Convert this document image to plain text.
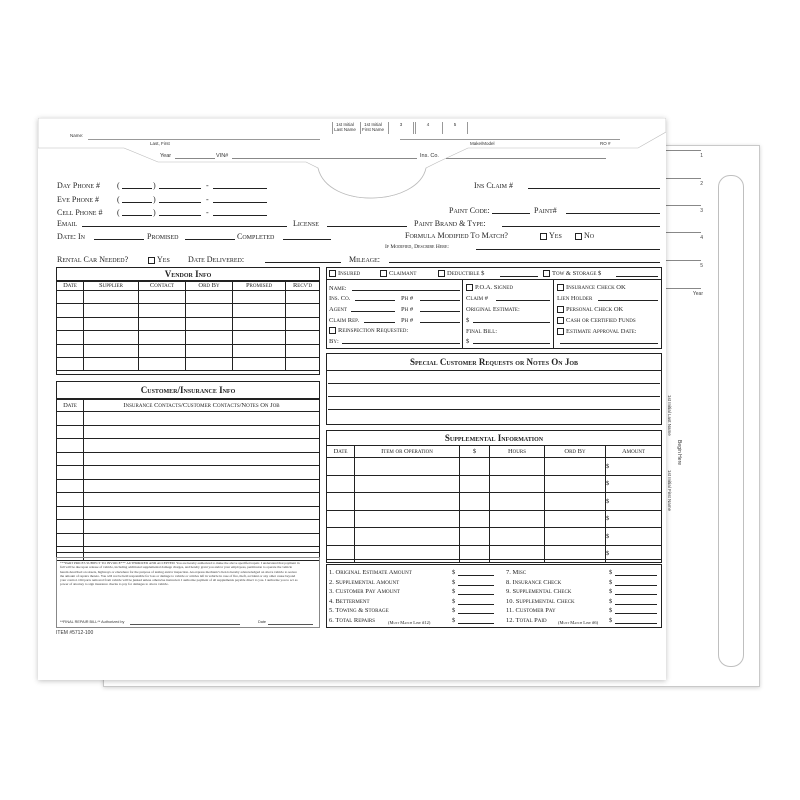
1
2
3
4
5
Year
1st Initial Last Name
Begin Here
1st Initial First Name
Name:
Last, First
1st Initial
Last Name
1st Initial
First Name
3	4	5
Make/Model	RO #
Year	VIN#	Ins. Co.
Day Phone #
Eve Phone #
Cell Phone #
(	)	-
(	)	-
(	)	-
Ins Claim #
Paint Code:	Paint#
Email	License	Paint Brand & Type:
Date: In	Promised	Completed	Formula Modified To Match?	Yes	No
If Modified, Describe Here:
Rental Car Needed?	Yes Date Delivered:	Mileage:
Vendor Info
Date	Supplier	Contact	Ord By	Promised	Recv'd

Insured	Claimant	Deductible $	Tow & Storage $
Name:
Ins. Co.	Ph #
Agent	Ph #
Claim Rep.	Ph #
Reinspection Requested:
By:
P.O.A. Signed
Claim #
Original Estimate:
$
Final Bill:
$
Insurance Check OK
Lien Holder
Personal Check OK
Cash or Certified Funds
Estimate Approval Date:
Customer/Insurance Info
Date	Insurance Contacts/Customer Contacts/Notes On Job

Special Customer Requests or Notes On Job
Supplemental Information
Date	Item or Operation	$	Hours	Ord By	Amount
					$
					$
					$
					$
					$
					$
1. Original Estimate Amount	$
2. Supplemental Amount	$
3. Customer Pay Amount	$
4. Betterment	$
5. Towing & Storage	$
6. Total Repairs	$
7. Misc	$
8. Insurance Check	$
9. Supplemental Check	$
10. Supplemental Check	$
11. Customer Pay	$
12. Total Paid	$
(Must Match Line #12)	(Must Match Line #6)
***PART PRICES SUBJECT TO INVOICE*** AUTHORIZED AND ACCEPTED: You are hereby authorized to make the above specified repair. I understand that payment in full will be due upon release of vehicle, including additional supplemental damage charges, and hereby grant you and/or your employees, permission to operate the vehicle herein described on streets, highways or elsewhere for the purpose of testing and/or inspection. An express mechanic's lien is hereby acknowledged on above vehicle to secure the amount of repairs thereto. You will not be held responsible for loss or damage to vehicle or articles left in vehicle in case of fire, theft, accident or any other cause beyond your control. Old parts removed from vehicle will be junked unless otherwise instructed. I authorize payment of all supplements payable direct to you. I authorize you to act as power of attorney to sign insurance checks to pay for damages to above vehicle.
**FINAL REPAIR BILL** Authorized by	Date
ITEM #5712-100
